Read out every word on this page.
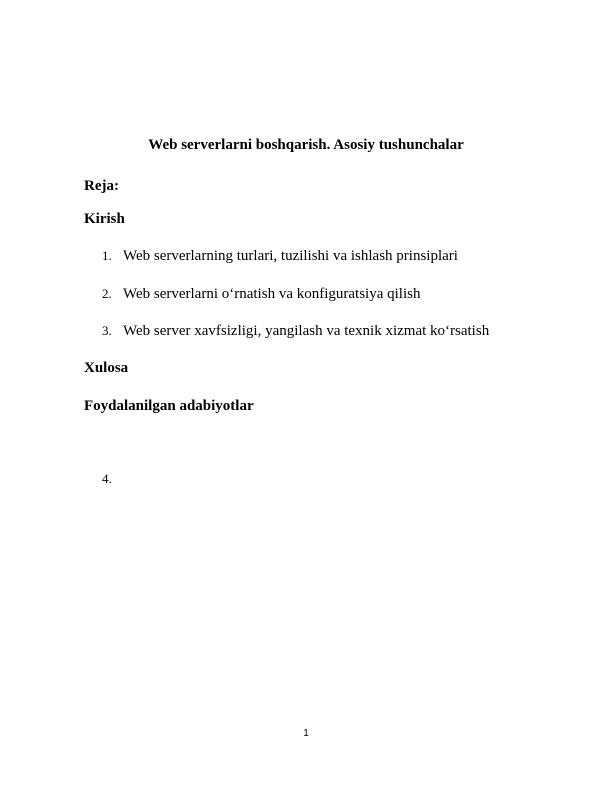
Web serverlarni boshqarish. Asosiy tushunchalar
Reja:
Kirish
1. Web serverlarning turlari, tuzilishi va ishlash prinsiplari
2. Web serverlarni o‘rnatish va konfiguratsiya qilish
3. Web server xavfsizligi, yangilash va texnik xizmat ko‘rsatish
Xulosa
Foydalanilgan adabiyotlar
4.
1
